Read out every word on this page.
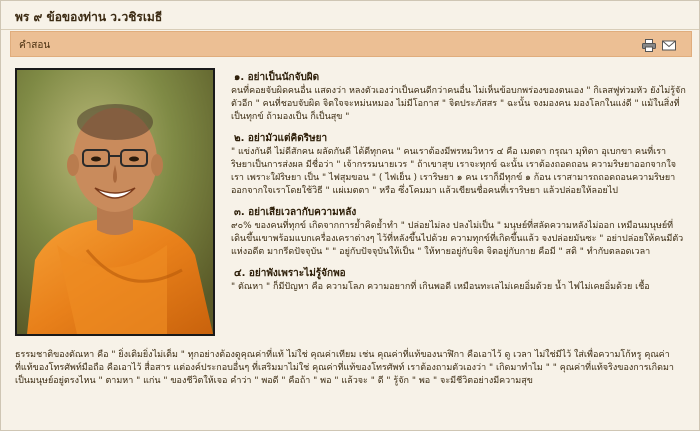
พร ๙ ข้อของท่าน ว.วชิรเมธี
คำสอน
๑. อย่าเป็นนักจับผิด
คนที่คอยจับผิดคนอื่น แสดงว่า หลงตัวเองว่าเป็นคนดีกว่าคนอื่น ไม่เห็นข้อบกพร่องของตนเอง " กิเลสฟูท่วมหัว ยังไม่รู้จักตัวอีก " คนที่ชอบจับผิด จิตใจจะหม่นหมอง ไม่มีโอกาส " จิตประภัสสร " ฉะนั้น จงมองคน มองโลกในแง่ดี " แม้ในสิ่งที่เป็นทุกข์ ถ้ามองเป็น ก็เป็นสุข "
๒. อย่ามัวแต่คิดริษยา
" แข่งกันดี ไม่ดีสักคน ผลัดกันดี ได้ดีทุกคน " คนเราต้องมีพรหมวิหาร ๔ คือ เมตตา กรุณา มุทิตา อุเบกขา คนที่เราริษยาเป็นการส่งผล มีชื่อว่า " เจ้ากรรมนายเวร " ถ้าเขาสุข เราจะทุกข์ ฉะนั้น เราต้องถอดถอน ความริษยาออกจากใจเรา เพราะใฝ่ริษยา เป็น " ไฟสุมขอน " ( ไฟเย็น ) เราริษยา ๑ คน เราก็มีทุกข์ ๑ ก้อน เราสามารถถอดถอนความริษยาออกจากใจเราโดยใช้วิธี " แผ่เมตตา " หรือ ซึ่งโคมมา แล้วเขียนชื่อคนที่เราริษยา แล้วปล่อยให้ลอยไป
๓. อย่าเสียเวลากับความหลัง
๙๐% ของคนที่ทุกข์ เกิดจากการย้ำคิดย้ำทำ " ปล่อยไม่ลง ปลงไม่เป็น " มนุษย์ที่สลัดความหลังไม่ออก เหมือนมนุษย์ที่เดินขึ้นเขาพร้อมแบกเครื่องเคราต่างๆ ไว้ที่หลังขึ้นไปด้วย ความทุกข์ที่เกิดขึ้นแล้ว จงปล่อยมันซะ " อย่าปล่อยให้คนมีตัวแห่งอดีต มากรีดปัจจุบัน " " อยู่กับปัจจุบันให้เป็น " ให้ทายอยู่กับจิต จิตอยู่กับกาย คือมี " สติ " ทำกับตลอดเวลา
๔. อย่าพังเพราะไม่รู้จักพอ
" ตัณหา " ก็มีปัญหา คือ ความโลภ ความอยากที่ เกินพอดี เหมือนทะเลไม่เคยอิ่มด้วย น้ำ ไฟไม่เคยอิ่มด้วย เชื้อ
ธรรมชาติของตัณหา คือ " ยิ่งเติมยิ่งไม่เต็ม " ทุกอย่างต้องดูคุณค่าที่แท้ ไม่ใช่ คุณค่าเทียม เช่น คุณค่าที่แท้ของนาฬิกา คือเอาไว้ ดู เวลา ไม่ใช่มีไว้ ใส่เพื่อความโก้หรู คุณค่าที่แท้ของโทรศัพท์มือถือ คือเอาไว้ สื่อสาร แต่องค์ประกอบอื่นๆ ที่เสริมมาไม่ใช่ คุณค่าที่แท้ของโทรศัพท์ เราต้องถามตัวเองว่า " เกิดมาทำไม " " คุณค่าที่แท้จริงของการเกิดมาเป็นมนุษย์อยู่ตรงไหน " ตามหา " แก่น " ของชีวิตให้เจอ คำว่า " พอดี " คือถ้า " พอ " แล้วจะ " ดี " รู้จัก " พอ " จะมีชีวิตอย่างมีความสุข
